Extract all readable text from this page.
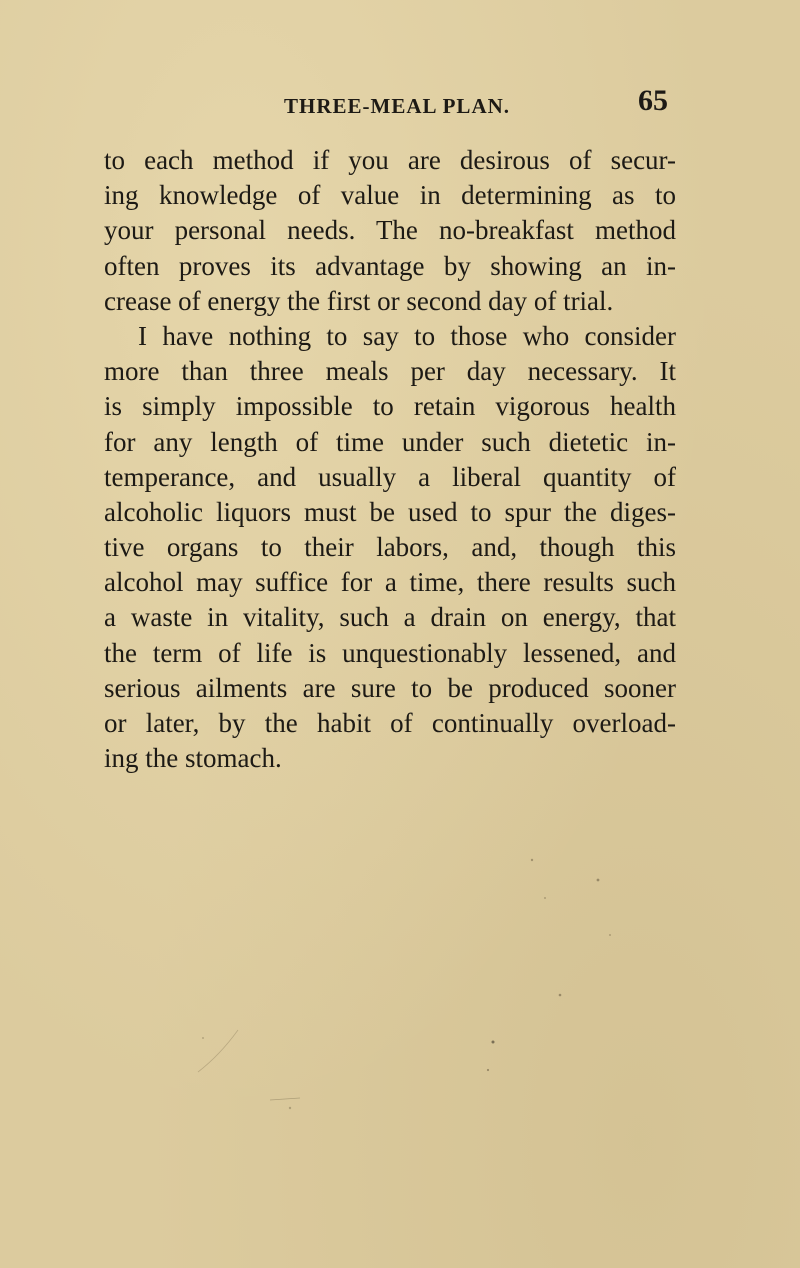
THREE-MEAL PLAN.	65
to each method if you are desirous of secur-
ing knowledge of value in determining as to
your personal needs. The no-breakfast method
often proves its advantage by showing an in-
crease of energy the first or second day of trial.
I have nothing to say to those who consider
more than three meals per day necessary. It
is simply impossible to retain vigorous health
for any length of time under such dietetic in-
temperance, and usually a liberal quantity of
alcoholic liquors must be used to spur the diges-
tive organs to their labors, and, though this
alcohol may suffice for a time, there results such
a waste in vitality, such a drain on energy, that
the term of life is unquestionably lessened, and
serious ailments are sure to be produced sooner
or later, by the habit of continually overload-
ing the stomach.
